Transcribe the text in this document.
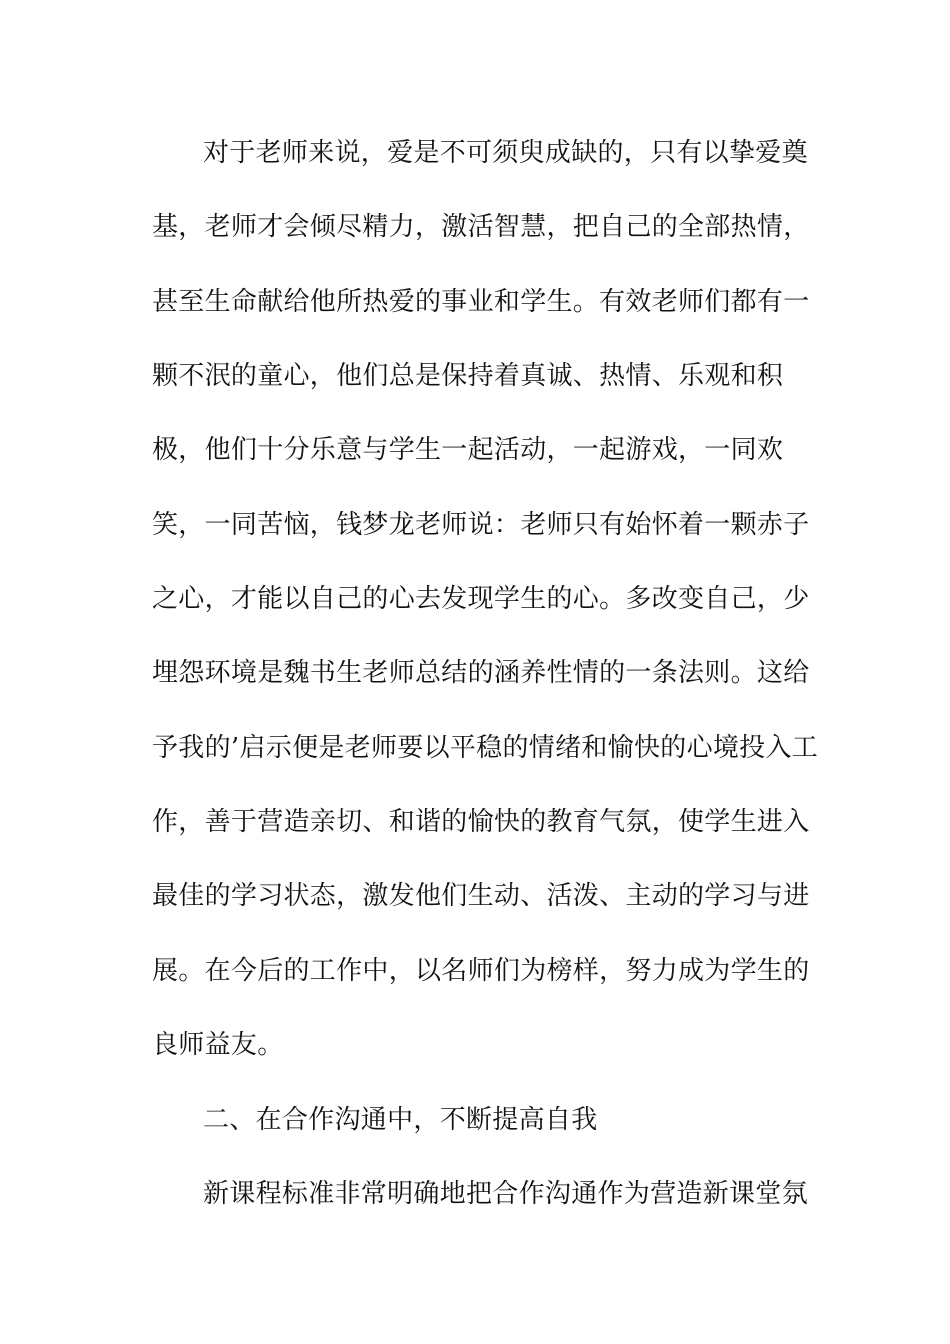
对于老师来说，爱是不可须臾成缺的，只有以挚爱奠
基，老师才会倾尽精力，激活智慧，把自己的全部热情，
甚至生命献给他所热爱的事业和学生。有效老师们都有一
颗不泯的童心，他们总是保持着真诚、热情、乐观和积
极，他们十分乐意与学生一起活动，一起游戏，一同欢
笑，一同苦恼，钱梦龙老师说：老师只有始怀着一颗赤子
之心，才能以自己的心去发现学生的心。多改变自己，少
埋怨环境是魏书生老师总结的涵养性情的一条法则。这给
予我的’启示便是老师要以平稳的情绪和愉快的心境投入工
作，善于营造亲切、和谐的愉快的教育气氛，使学生进入
最佳的学习状态，激发他们生动、活泼、主动的学习与进
展。在今后的工作中，以名师们为榜样，努力成为学生的
良师益友。
二、在合作沟通中，不断提高自我
新课程标准非常明确地把合作沟通作为营造新课堂氛
